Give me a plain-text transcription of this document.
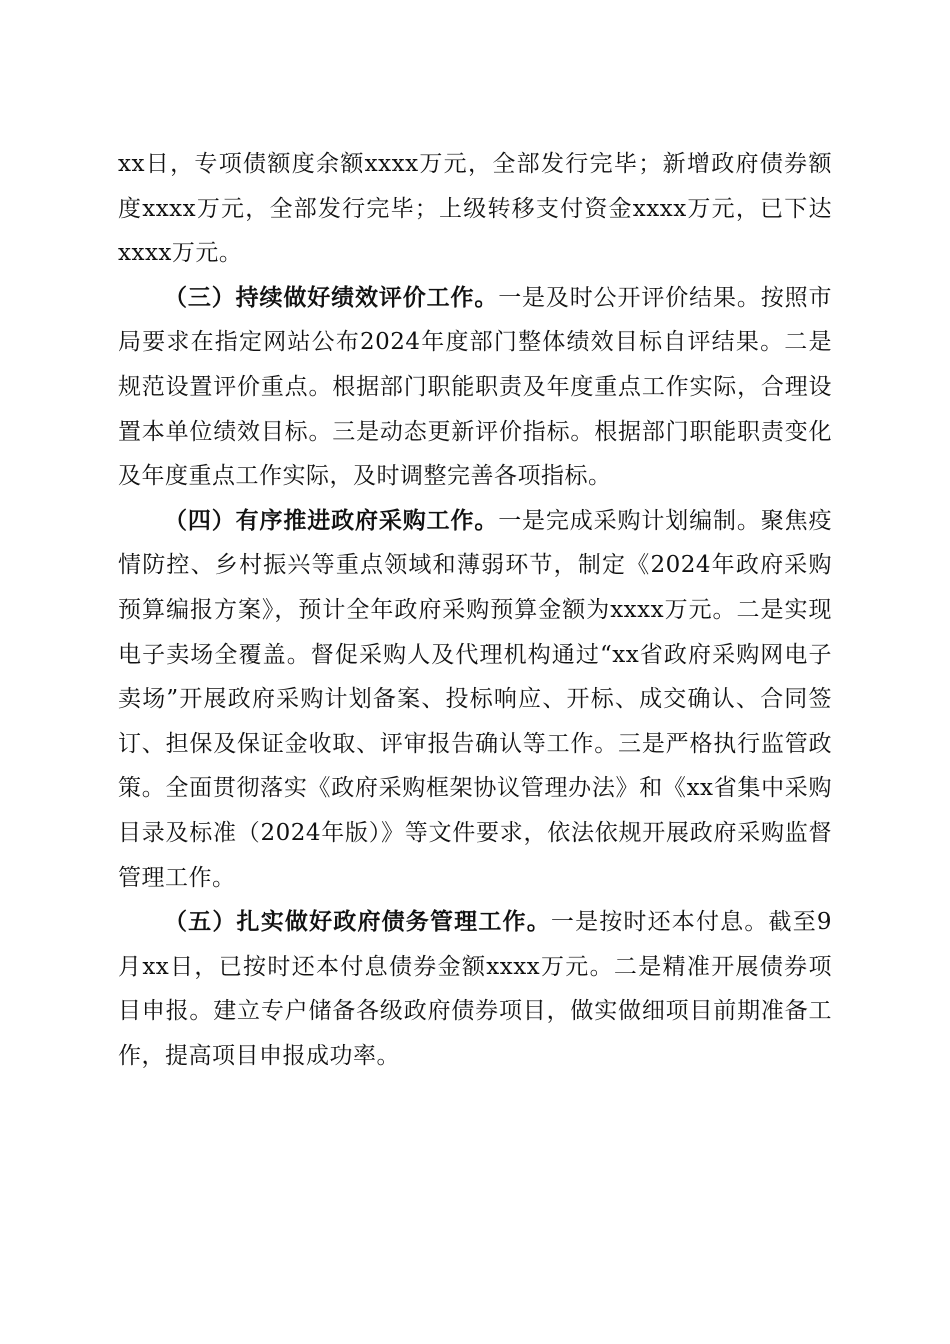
xx日，专项债额度余额xxxx万元，全部发行完毕；新增政府债券额度xxxx万元，全部发行完毕；上级转移支付资金xxxx万元，已下达xxxx万元。

（三）持续做好绩效评价工作。一是及时公开评价结果。按照市局要求在指定网站公布2024年度部门整体绩效目标自评结果。二是规范设置评价重点。根据部门职能职责及年度重点工作实际，合理设置本单位绩效目标。三是动态更新评价指标。根据部门职能职责变化及年度重点工作实际，及时调整完善各项指标。

（四）有序推进政府采购工作。一是完成采购计划编制。聚焦疫情防控、乡村振兴等重点领域和薄弱环节，制定《2024年政府采购预算编报方案》，预计全年政府采购预算金额为xxxx万元。二是实现电子卖场全覆盖。督促采购人及代理机构通过“xx省政府采购网电子卖场”开展政府采购计划备案、投标响应、开标、成交确认、合同签订、担保及保证金收取、评审报告确认等工作。三是严格执行监管政策。全面贯彻落实《政府采购框架协议管理办法》和《xx省集中采购目录及标准（2024年版）》等文件要求，依法依规开展政府采购监督管理工作。

（五）扎实做好政府债务管理工作。一是按时还本付息。截至9月xx日，已按时还本付息债券金额xxxx万元。二是精准开展债券项目申报。建立专户储备各级政府债券项目，做实做细项目前期准备工作，提高项目申报成功率。
